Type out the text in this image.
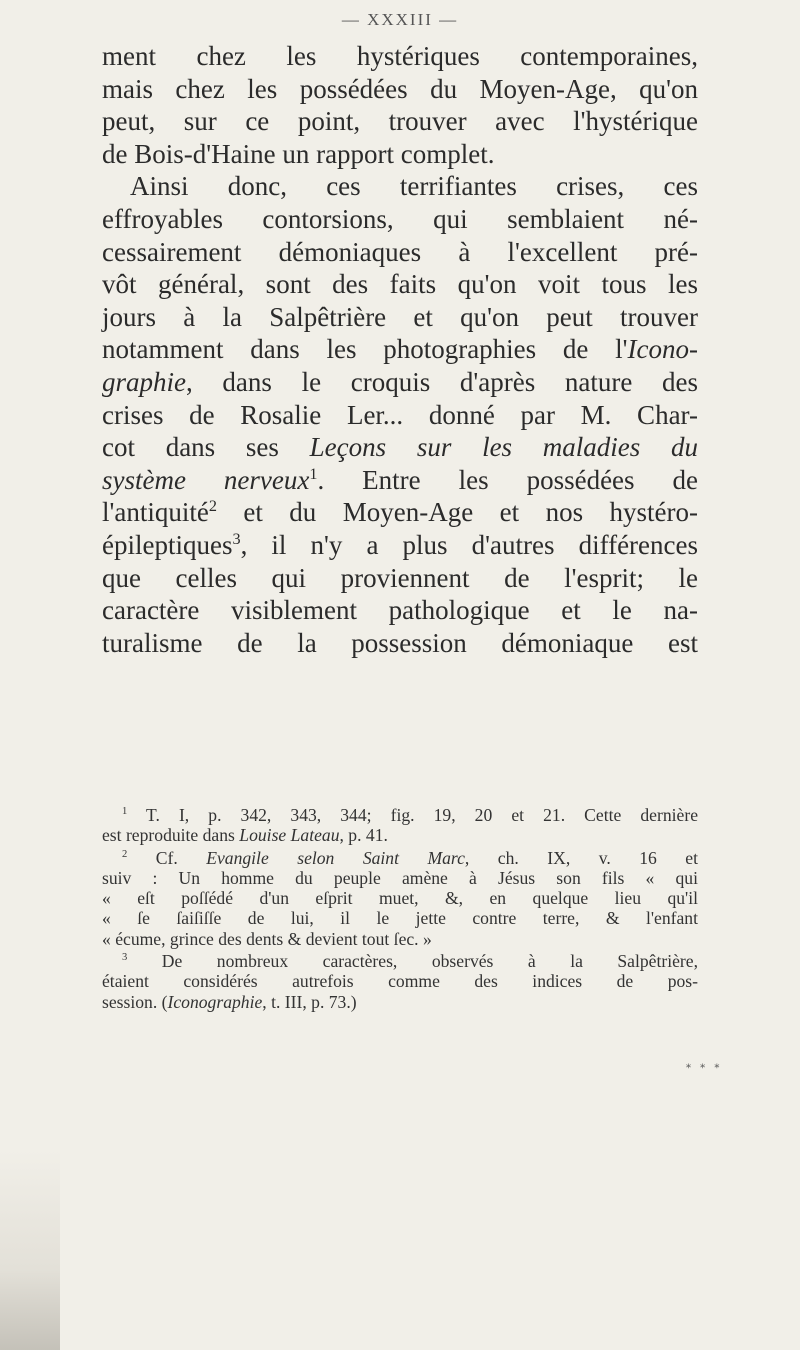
— XXXIII —
ment chez les hystériques contemporaines,
mais chez les possédées du Moyen-Age, qu'on
peut, sur ce point, trouver avec l'hystérique
de Bois-d'Haine un rapport complet.
Ainsi donc, ces terrifiantes crises, ces
effroyables contorsions, qui semblaient né-
cessairement démoniaques à l'excellent pré-
vôt général, sont des faits qu'on voit tous les
jours à la Salpêtrière et qu'on peut trouver
notamment dans les photographies de l'Icono-
graphie, dans le croquis d'après nature des
crises de Rosalie Ler... donné par M. Char-
cot dans ses Leçons sur les maladies du
système nerveux$^1$. Entre les possédées de
l'antiquité$^2$ et du Moyen-Age et nos hystéro-
épileptiques$^3$, il n'y a plus d'autres différences
que celles qui proviennent de l'esprit; le
caractère visiblement pathologique et le na-
turalisme de la possession démoniaque est
$^1$ T. I, p. 342, 343, 344; fig. 19, 20 et 21. Cette dernière
est reproduite dans Louise Lateau, p. 41.
$^2$ Cf. Evangile selon Saint Marc, ch. IX, v. 16 et
suiv : Un homme du peuple amène à Jésus son fils « qui
« eſt poſſédé d'un eſprit muet, &, en quelque lieu qu'il
« ſe ſaiſiſſe de lui, il le jette contre terre, & l'enfant
« écume, grince des dents & devient tout ſec. »
$^3$ De nombreux caractères, observés à la Salpêtrière,
étaient considérés autrefois comme des indices de pos-
session. (Iconographie, t. III, p. 73.)
* * *
